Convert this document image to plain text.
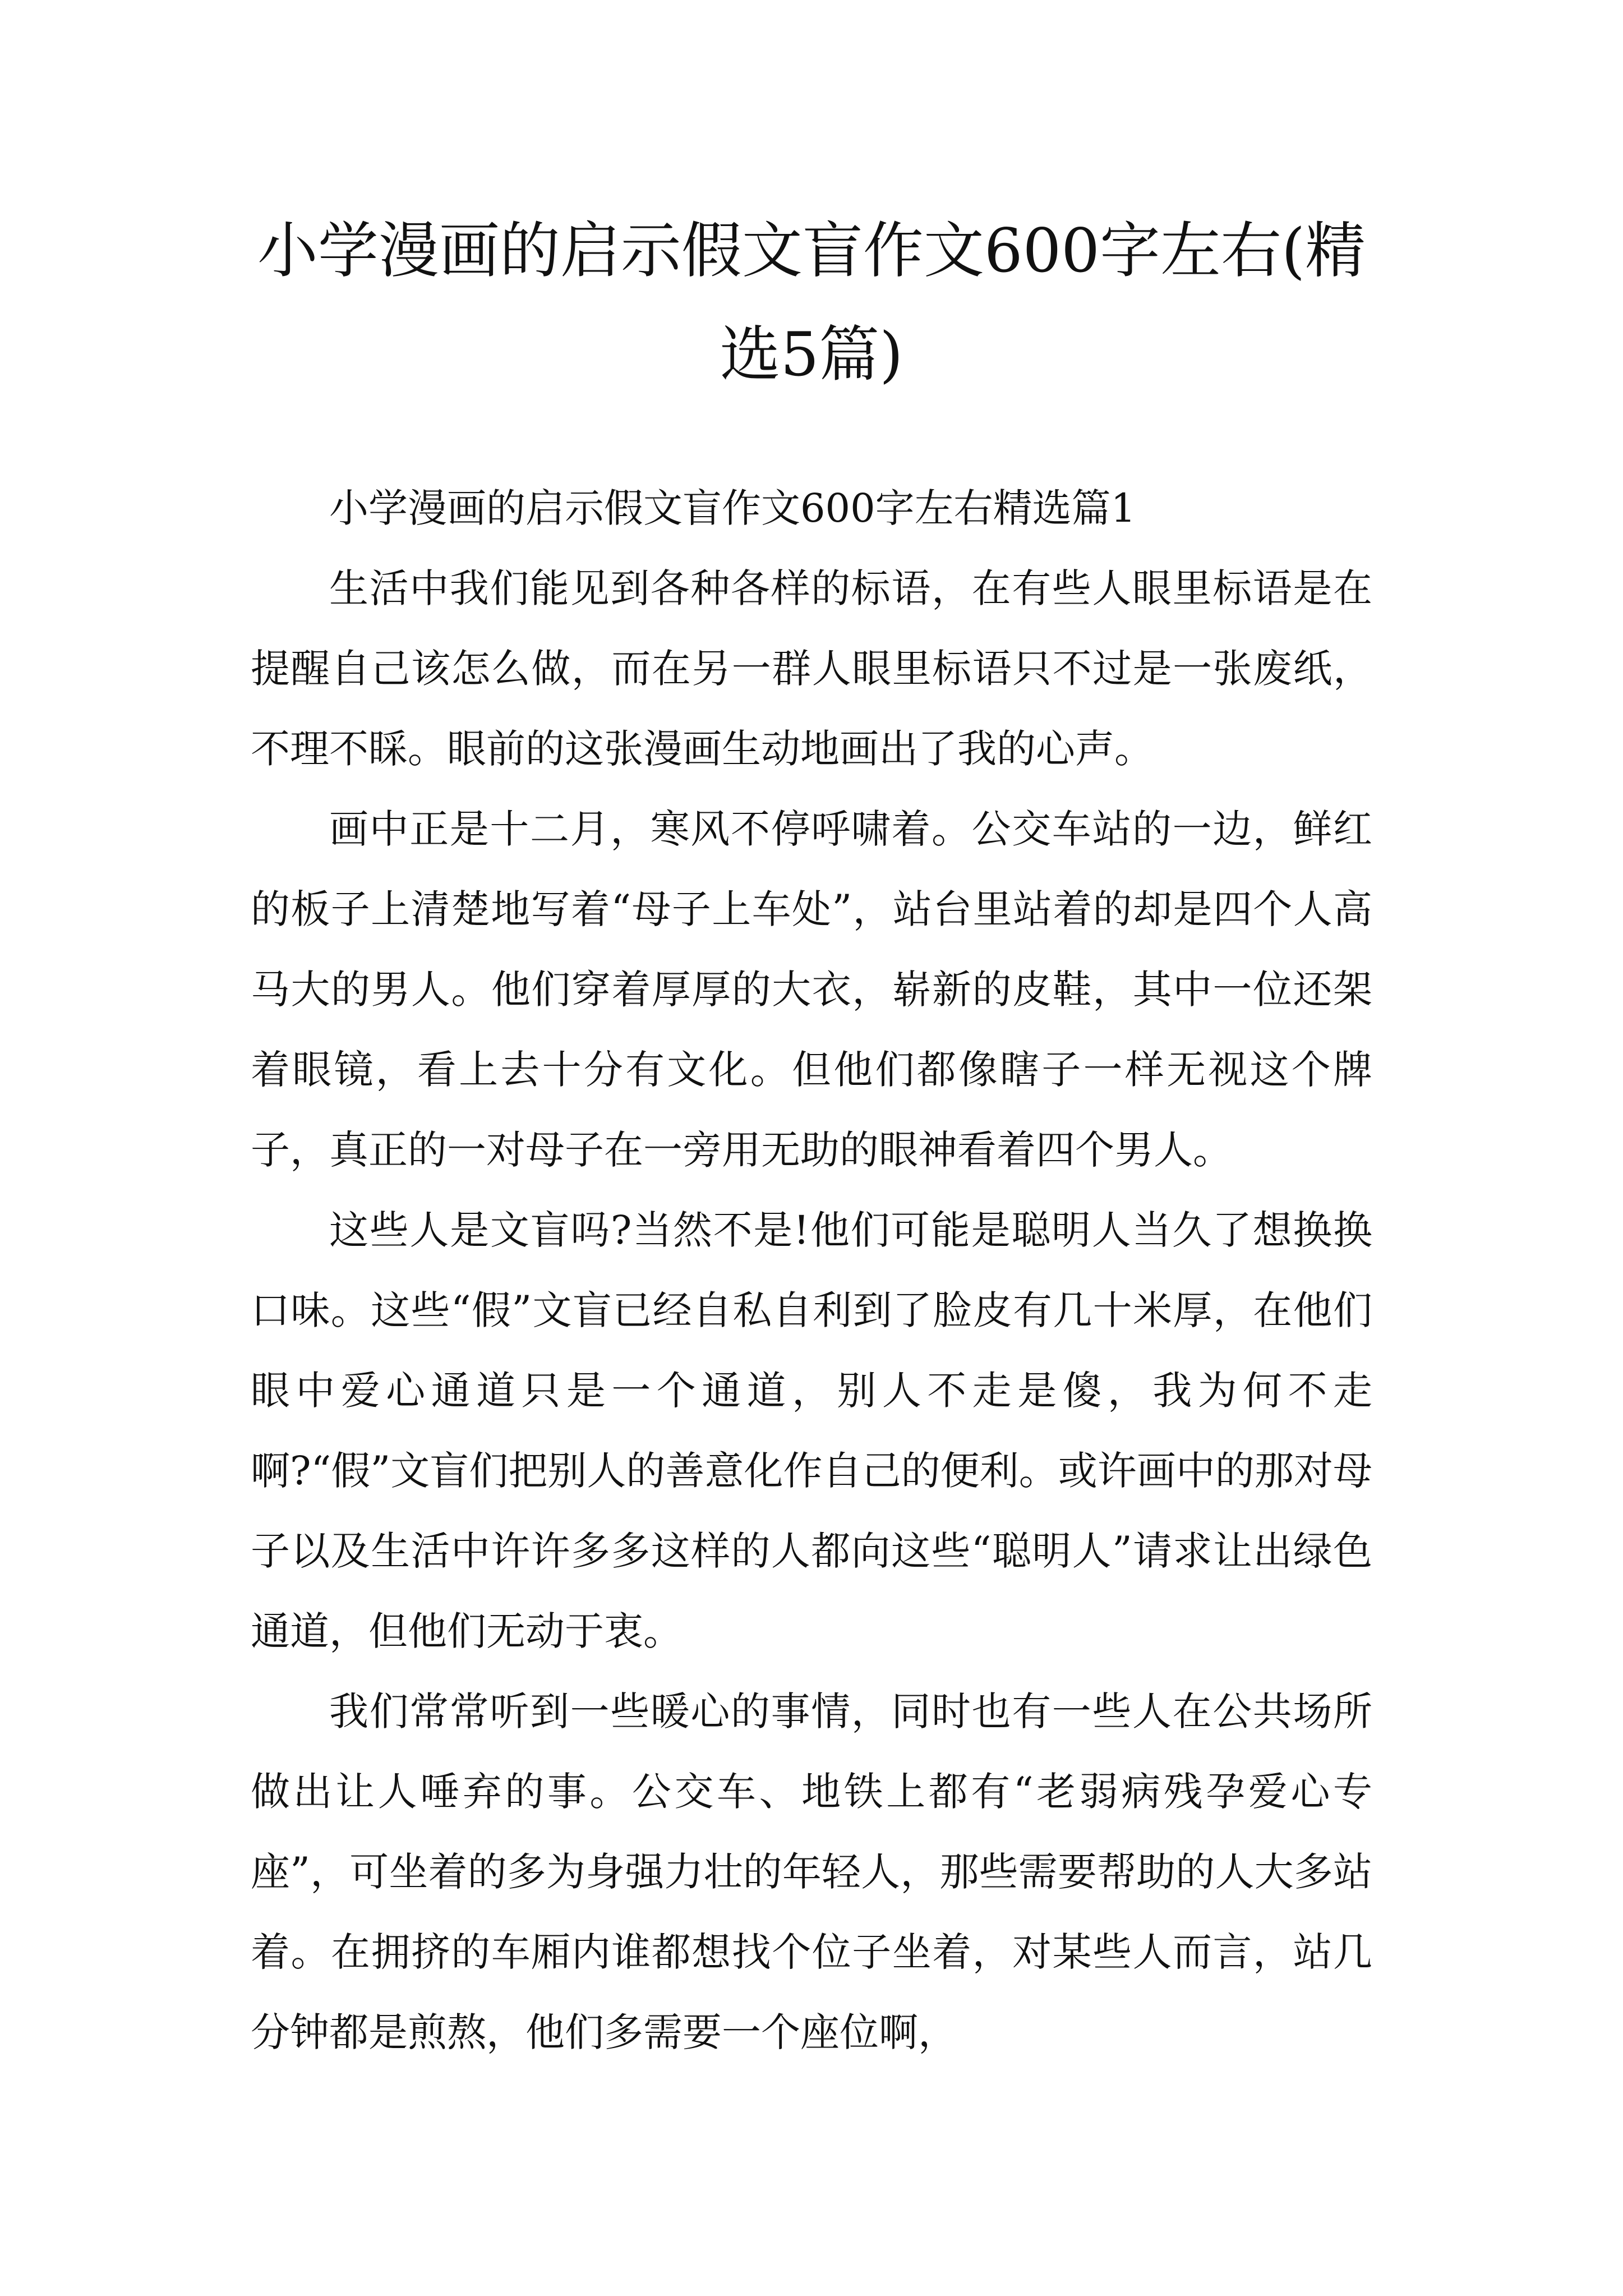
小学漫画的启示假文盲作文600字左右(精选5篇)

小学漫画的启示假文盲作文600字左右精选篇1

生活中我们能见到各种各样的标语，在有些人眼里标语是在提醒自己该怎么做，而在另一群人眼里标语只不过是一张废纸，不理不睬。眼前的这张漫画生动地画出了我的心声。

画中正是十二月，寒风不停呼啸着。公交车站的一边，鲜红的板子上清楚地写着“母子上车处”，站台里站着的却是四个人高马大的男人。他们穿着厚厚的大衣，崭新的皮鞋，其中一位还架着眼镜，看上去十分有文化。但他们都像瞎子一样无视这个牌子，真正的一对母子在一旁用无助的眼神看着四个男人。

这些人是文盲吗?当然不是!他们可能是聪明人当久了想换换口味。这些“假”文盲已经自私自利到了脸皮有几十米厚，在他们眼中爱心通道只是一个通道，别人不走是傻，我为何不走啊?“假”文盲们把别人的善意化作自己的便利。或许画中的那对母子以及生活中许许多多这样的人都向这些“聪明人”请求让出绿色通道，但他们无动于衷。

我们常常听到一些暖心的事情，同时也有一些人在公共场所做出让人唾弃的事。公交车、地铁上都有“老弱病残孕爱心专座”，可坐着的多为身强力壮的年轻人，那些需要帮助的人大多站着。在拥挤的车厢内谁都想找个位子坐着，对某些人而言，站几分钟都是煎熬，他们多需要一个座位啊，
